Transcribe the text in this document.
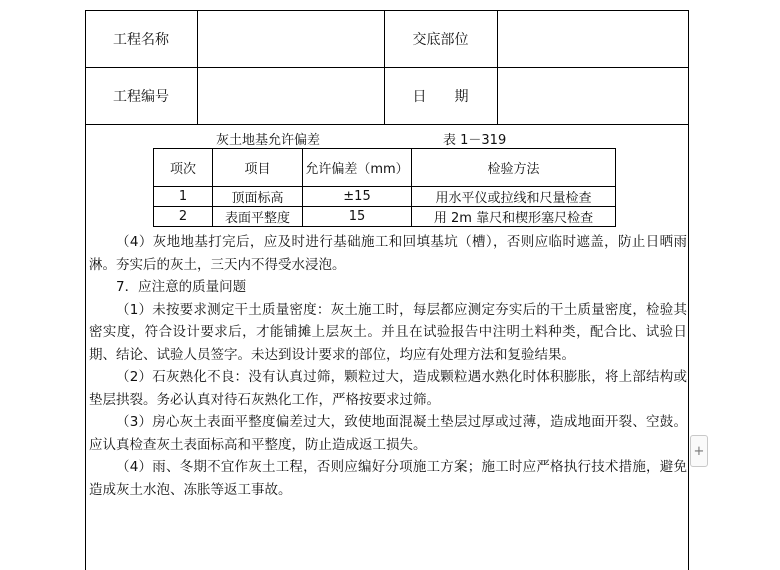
工程名称		交底部位	
工程编号		日　　期	
灰土地基允许偏差	表 1－319
项次	项目	允许偏差（mm）	检验方法
1	顶面标高	±15	用水平仪或拉线和尺量检查
2	表面平整度	15	用 2m 靠尺和楔形塞尺检查

（4）灰地地基打完后，应及时进行基础施工和回填基坑（槽），否则应临时遮盖，防止日晒雨淋。夯实后的灰土，三天内不得受水浸泡。

7．应注意的质量问题

（1）未按要求测定干土质量密度：灰土施工时，每层都应测定夯实后的干土质量密度，检验其密实度，符合设计要求后，才能铺摊上层灰土。并且在试验报告中注明土料种类，配合比、试验日期、结论、试验人员签字。未达到设计要求的部位，均应有处理方法和复验结果。

（2）石灰熟化不良：没有认真过筛，颗粒过大，造成颗粒遇水熟化时体积膨胀，将上部结构或垫层拱裂。务必认真对待石灰熟化工作，严格按要求过筛。

（3）房心灰土表面平整度偏差过大，致使地面混凝土垫层过厚或过薄，造成地面开裂、空鼓。应认真检查灰土表面标高和平整度，防止造成返工损失。

（4）雨、冬期不宜作灰土工程，否则应编好分项施工方案；施工时应严格执行技术措施，避免造成灰土水泡、冻胀等返工事故。

+
